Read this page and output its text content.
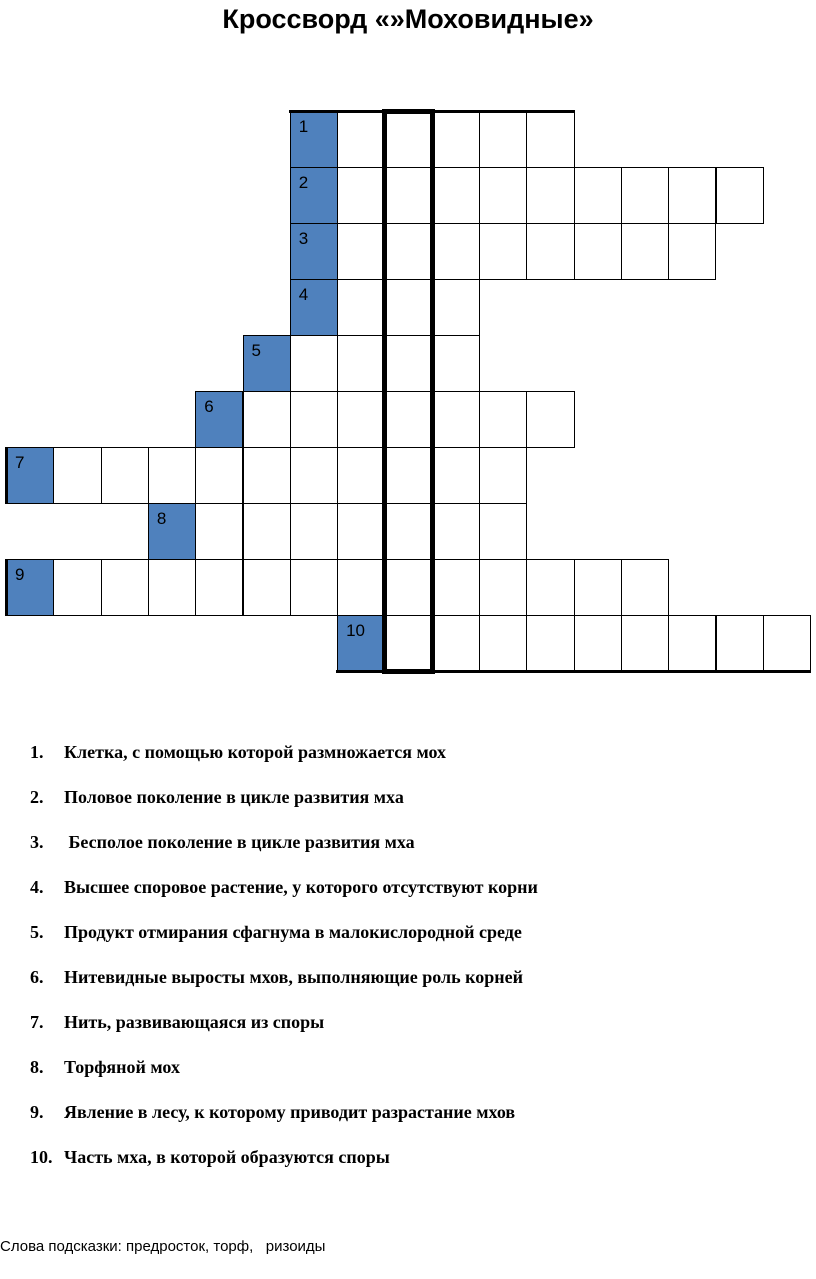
Кроссворд «»Моховидные»
1
2
3
4
5
6
7
8
9
10
1. Клетка, с помощью которой размножается мох
2. Половое поколение в цикле развития мха
3. Бесполое поколение в цикле развития мха
4. Высшее споровое растение, у которого отсутствуют корни
5. Продукт отмирания сфагнума в малокислородной среде
6. Нитевидные выросты мхов, выполняющие роль корней
7. Нить, развивающаяся из споры
8. Торфяной мох
9. Явление в лесу, к которому приводит разрастание мхов
10. Часть мха, в которой образуются споры
Слова подсказки: предросток, торф,   ризоиды
